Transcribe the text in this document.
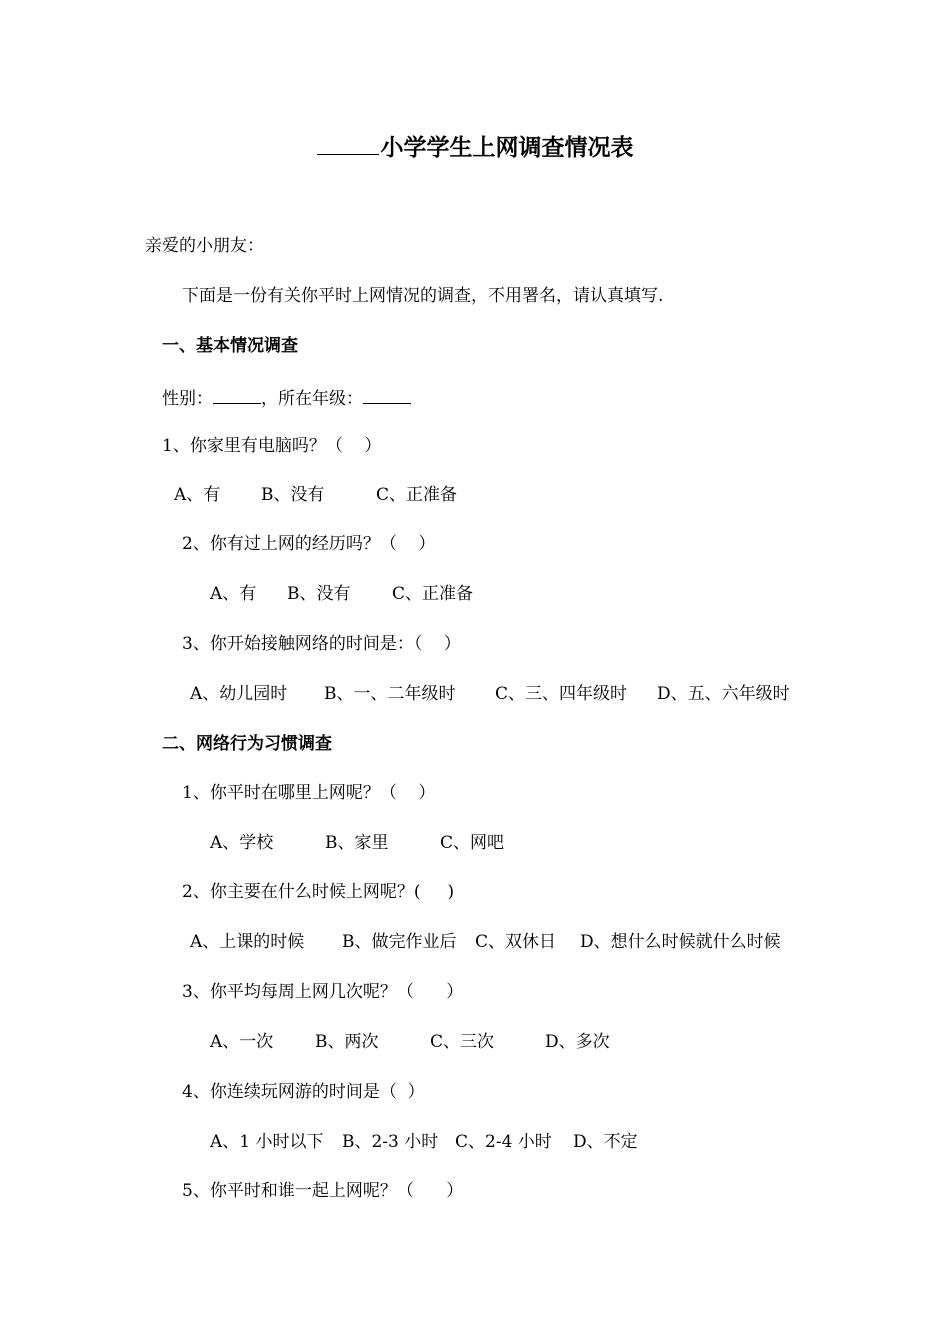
小学学生上网调查情况表
亲爱的小朋友：
下面是一份有关你平时上网情况的调查，不用署名，请认真填写.
一、基本情况调查
性别：	，所在年级：
1、你家里有电脑吗？（    ）
A、有 B、没有	C、正准备
2、你有过上网的经历吗？（    ）
A、有 B、没有 C、正准备
3、你开始接触网络的时间是：（    ）
A、幼儿园时 B、一、二年级时 C、三、四年级时 D、五、六年级时
二、网络行为习惯调查
1、你平时在哪里上网呢？（    ）
A、学校	B、家里	C、网吧
2、你主要在什么时候上网呢？(     )
A、上课的时候 B、做完作业后 C、双休日 D、想什么时候就什么时候
3、你平均每周上网几次呢？（      ）
A、一次 B、两次	C、三次	D、多次
4、你连续玩网游的时间是（  ）
A、1 小时以下 B、2-3 小时 C、2-4 小时 D、不定
5、你平时和谁一起上网呢？（      ）
